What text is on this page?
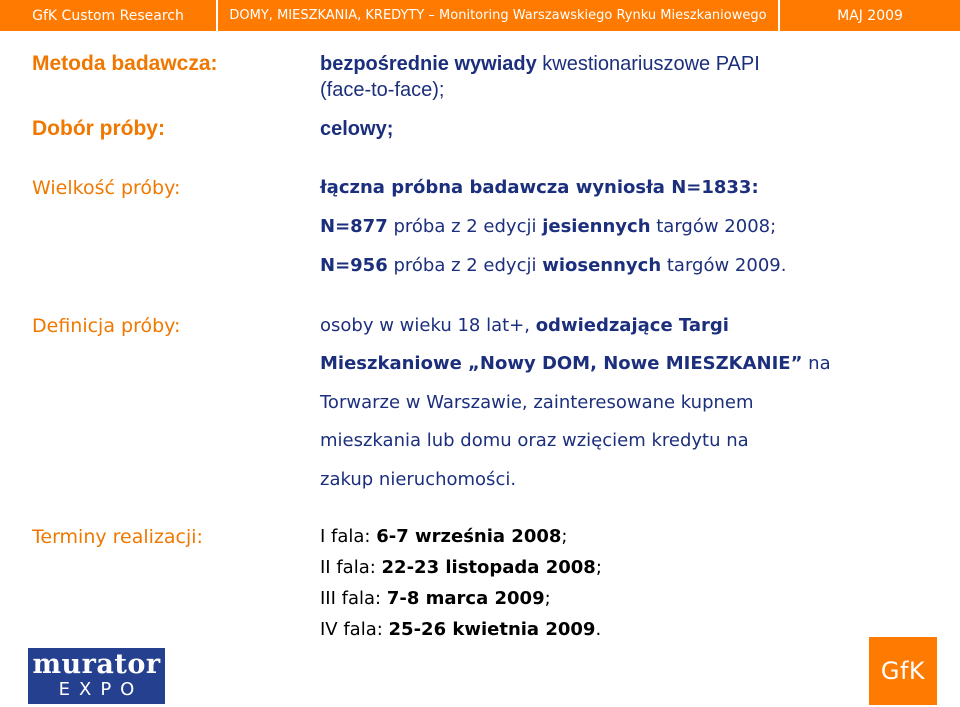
GfK Custom Research	DOMY, MIESZKANIA, KREDYTY – Monitoring Warszawskiego Rynku Mieszkaniowego	MAJ 2009
Metoda badawcza:	bezpośrednie wywiady kwestionariuszowe PAPI
(face-to-face);
Dobór próby:	celowy;
Wielkość próby:	łączna próbna badawcza wyniosła N=1833:
N=877 próba z 2 edycji jesiennych targów 2008;
N=956 próba z 2 edycji wiosennych targów 2009.
Definicja próby:	osoby w wieku 18 lat+, odwiedzające Targi
Mieszkaniowe „Nowy DOM, Nowe MIESZKANIE” na
Torwarze w Warszawie, zainteresowane kupnem
mieszkania lub domu oraz wzięciem kredytu na
zakup nieruchomości.
Terminy realizacji:	I fala: 6-7 września 2008;
II fala: 22-23 listopada 2008;
III fala: 7-8 marca 2009;
IV fala: 25-26 kwietnia 2009.
murator
EXPO
GfK
